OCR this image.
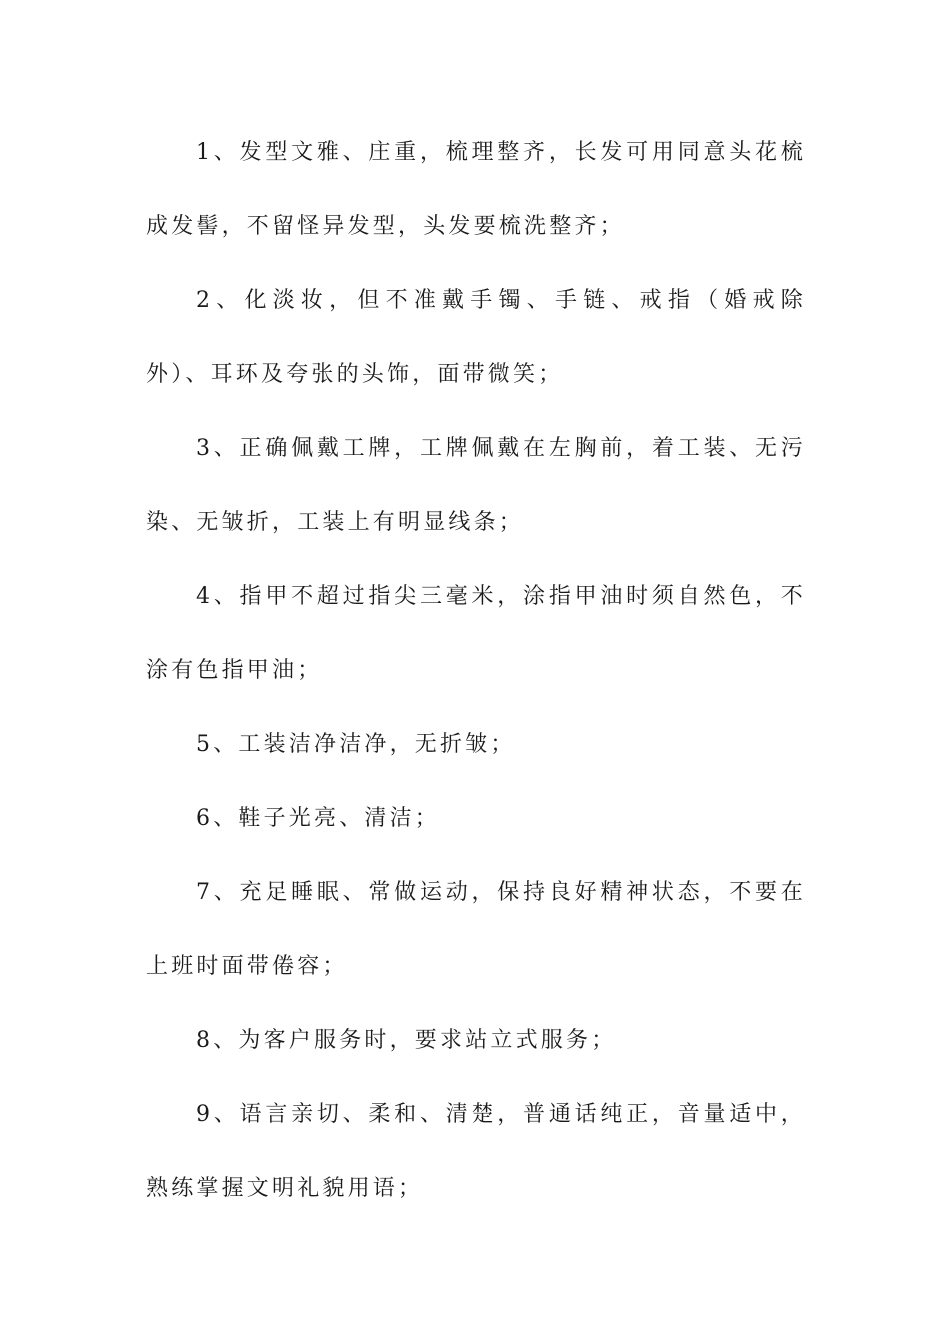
1、发型文雅、庄重，梳理整齐，长发可用同意头花梳成发髻，不留怪异发型，头发要梳洗整齐；

2、化淡妆，但不准戴手镯、手链、戒指（婚戒除外）、耳环及夸张的头饰，面带微笑；

3、正确佩戴工牌，工牌佩戴在左胸前，着工装、无污染、无皱折，工装上有明显线条；

4、指甲不超过指尖三毫米，涂指甲油时须自然色，不涂有色指甲油；

5、工装洁净洁净，无折皱；

6、鞋子光亮、清洁；

7、充足睡眠、常做运动，保持良好精神状态，不要在上班时面带倦容；

8、为客户服务时，要求站立式服务；

9、语言亲切、柔和、清楚，普通话纯正，音量适中，熟练掌握文明礼貌用语；
